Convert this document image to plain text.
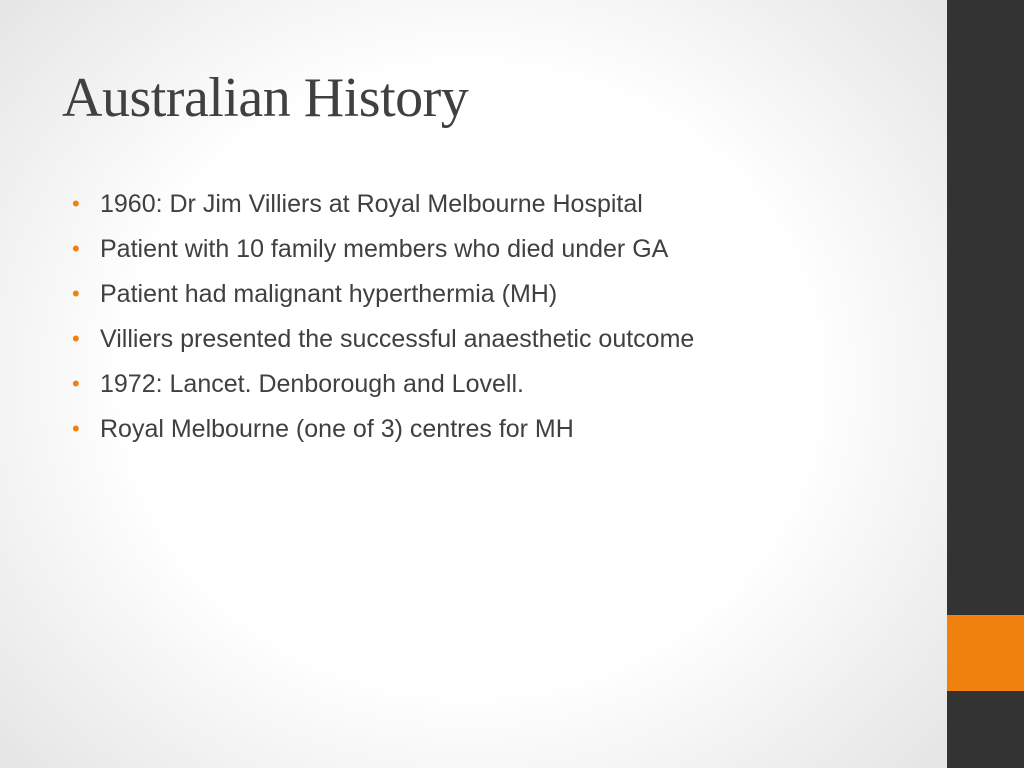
Australian History
• 1960: Dr Jim Villiers at Royal Melbourne Hospital
• Patient with 10 family members who died under GA
• Patient had malignant hyperthermia (MH)
• Villiers presented the successful anaesthetic outcome
• 1972: Lancet. Denborough and Lovell.
• Royal Melbourne (one of 3) centres for MH
